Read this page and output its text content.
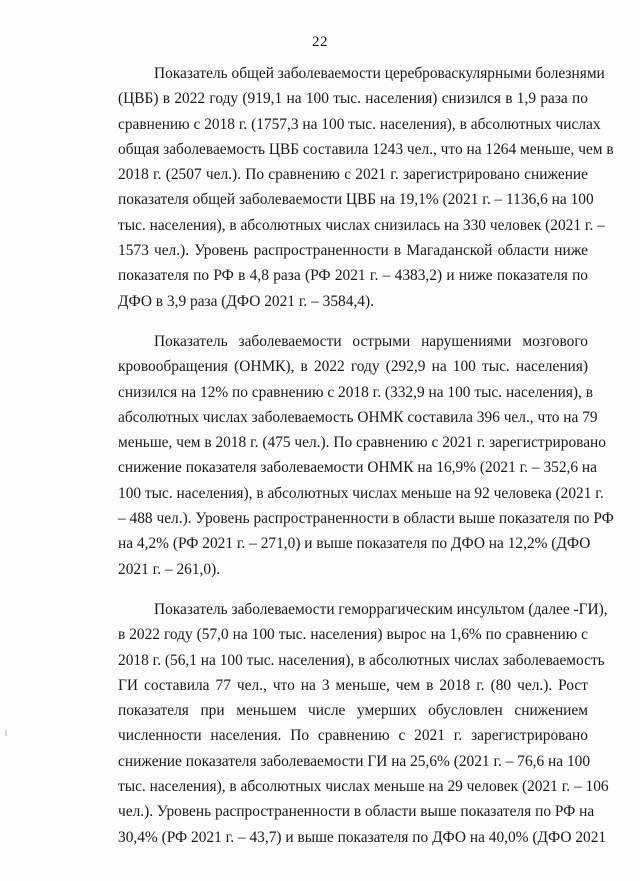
22
Показатель общей заболеваемости цереброваскулярными болезнями
(ЦВБ) в 2022 году (919,1 на 100 тыс. населения) снизился в 1,9 раза по
сравнению с 2018 г. (1757,3 на 100 тыс. населения), в абсолютных числах
общая заболеваемость ЦВБ составила 1243 чел., что на 1264 меньше, чем в
2018 г. (2507 чел.). По сравнению с 2021 г. зарегистрировано снижение
показателя общей заболеваемости ЦВБ на 19,1% (2021 г. – 1136,6 на 100
тыс. населения), в абсолютных числах снизилась на 330 человек (2021 г. –
1573 чел.). Уровень распространенности в Магаданской области ниже
показателя по РФ в 4,8 раза (РФ 2021 г. – 4383,2) и ниже показателя по
ДФО в 3,9 раза (ДФО 2021 г. – 3584,4).
Показатель заболеваемости острыми нарушениями мозгового
кровообращения (ОНМК), в 2022 году (292,9 на 100 тыс. населения)
снизился на 12% по сравнению с 2018 г. (332,9 на 100 тыс. населения), в
абсолютных числах заболеваемость ОНМК составила 396 чел., что на 79
меньше, чем в 2018 г. (475 чел.). По сравнению с 2021 г. зарегистрировано
снижение показателя заболеваемости ОНМК на 16,9% (2021 г. – 352,6 на
100 тыс. населения), в абсолютных числах меньше на 92 человека (2021 г.
– 488 чел.). Уровень распространенности в области выше показателя по РФ
на 4,2% (РФ 2021 г. – 271,0) и выше показателя по ДФО на 12,2% (ДФО
2021 г. – 261,0).
Показатель заболеваемости геморрагическим инсультом (далее -ГИ),
в 2022 году (57,0 на 100 тыс. населения) вырос на 1,6% по сравнению с
2018 г. (56,1 на 100 тыс. населения), в абсолютных числах заболеваемость
ГИ составила 77 чел., что на 3 меньше, чем в 2018 г. (80 чел.). Рост
показателя при меньшем числе умерших обусловлен снижением
численности населения. По сравнению с 2021 г. зарегистрировано
снижение показателя заболеваемости ГИ на 25,6% (2021 г. – 76,6 на 100
тыс. населения), в абсолютных числах меньше на 29 человек (2021 г. – 106
чел.). Уровень распространенности в области выше показателя по РФ на
30,4% (РФ 2021 г. – 43,7) и выше показателя по ДФО на 40,0% (ДФО 2021
